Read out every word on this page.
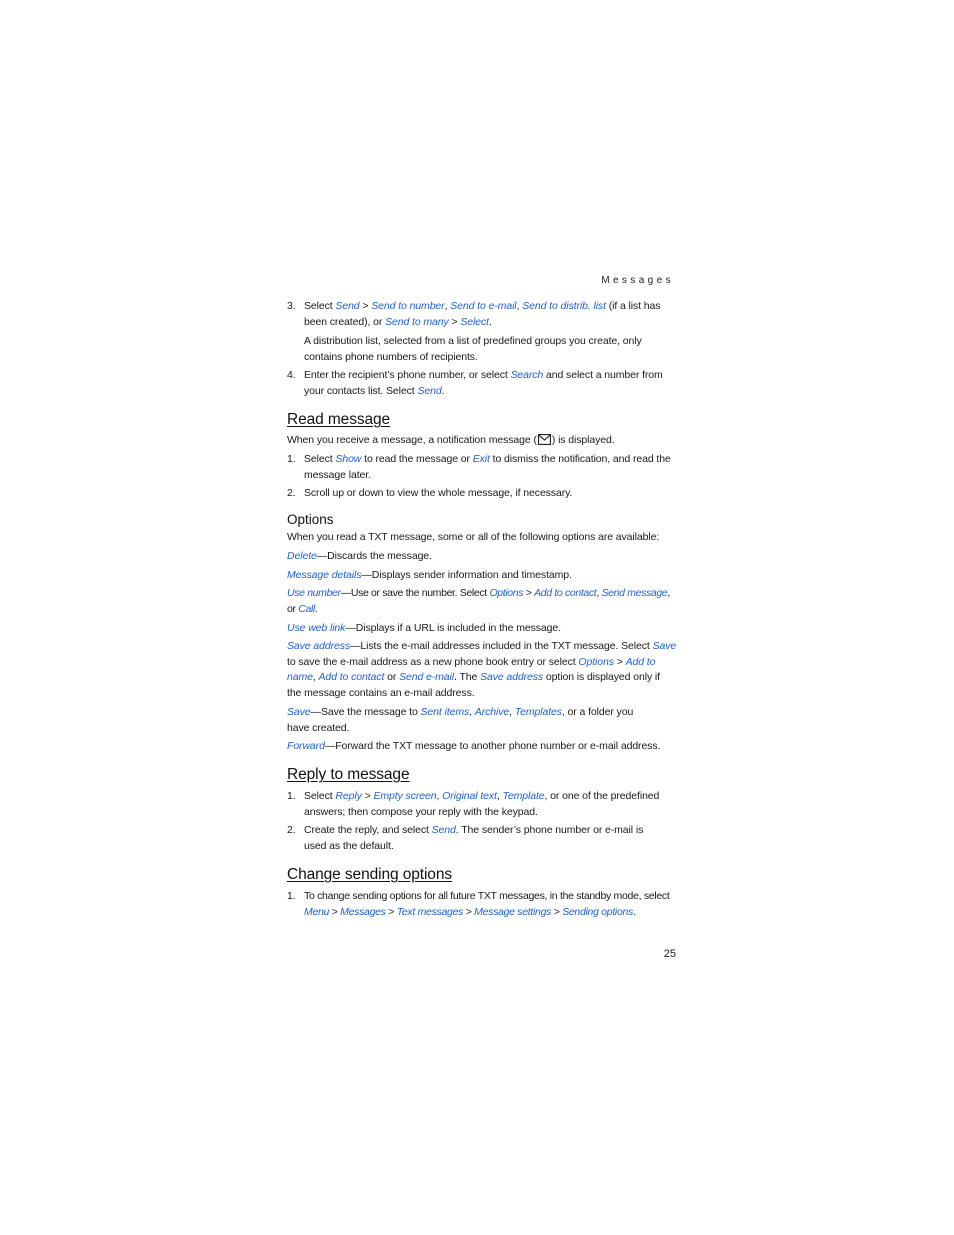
Messages
3. Select Send > Send to number, Send to e-mail, Send to distrib. list (if a list has been created), or Send to many > Select.

A distribution list, selected from a list of predefined groups you create, only contains phone numbers of recipients.

4. Enter the recipient’s phone number, or select Search and select a number from your contacts list. Select Send.

Read message

When you receive a message, a notification message ( ) is displayed.

1. Select Show to read the message or Exit to dismiss the notification, and read the message later.

2. Scroll up or down to view the whole message, if necessary.

Options

When you read a TXT message, some or all of the following options are available:

Delete—Discards the message.

Message details—Displays sender information and timestamp.

Use number—Use or save the number. Select Options > Add to contact, Send message, or Call.

Use web link—Displays if a URL is included in the message.

Save address—Lists the e-mail addresses included in the TXT message. Select Save to save the e-mail address as a new phone book entry or select Options > Add to name, Add to contact or Send e-mail. The Save address option is displayed only if the message contains an e-mail address.

Save—Save the message to Sent items, Archive, Templates, or a folder you have created.

Forward—Forward the TXT message to another phone number or e-mail address.

Reply to message
1. Select Reply > Empty screen, Original text, Template, or one of the predefined answers; then compose your reply with the keypad.

2. Create the reply, and select Send. The sender’s phone number or e-mail is used as the default.

Change sending options
1. To change sending options for all future TXT messages, in the standby mode, select Menu > Messages > Text messages > Message settings > Sending options.

25
